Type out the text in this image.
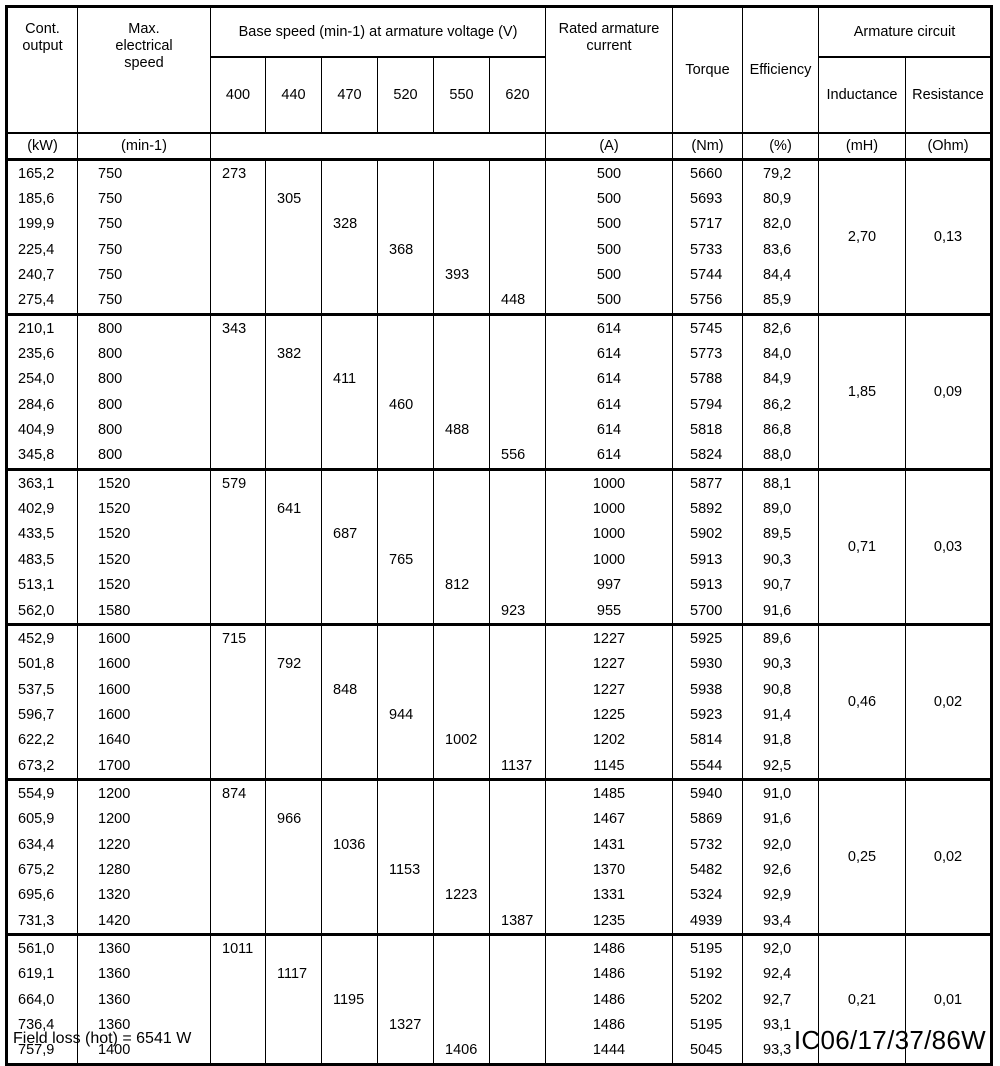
Cont. output	Max. electrical speed	Base speed (min-1) at armature voltage (V)						Rated armature current	Torque	Efficiency	Armature circuit	
		400	440	470	520	550	620				Inductance	Resistance
(kW)	(min-1)							(A)	(Nm)	(%)	(mH)	(Ohm)
165,2	750	273						500	5660	79,2	2,70	0,13
185,6	750		305					500	5693	80,9		
199,9	750			328				500	5717	82,0		
225,4	750				368			500	5733	83,6		
240,7	750					393		500	5744	84,4		
275,4	750						448	500	5756	85,9		
210,1	800	343						614	5745	82,6	1,85	0,09
235,6	800		382					614	5773	84,0		
254,0	800			411				614	5788	84,9		
284,6	800				460			614	5794	86,2		
404,9	800					488		614	5818	86,8		
345,8	800						556	614	5824	88,0		
363,1	1520	579						1000	5877	88,1	0,71	0,03
402,9	1520		641					1000	5892	89,0		
433,5	1520			687				1000	5902	89,5		
483,5	1520				765			1000	5913	90,3		
513,1	1520					812		997	5913	90,7		
562,0	1580						923	955	5700	91,6		
452,9	1600	715						1227	5925	89,6	0,46	0,02
501,8	1600		792					1227	5930	90,3		
537,5	1600			848				1227	5938	90,8		
596,7	1600				944			1225	5923	91,4		
622,2	1640					1002		1202	5814	91,8		
673,2	1700						1137	1145	5544	92,5		
554,9	1200	874						1485	5940	91,0	0,25	0,02
605,9	1200		966					1467	5869	91,6		
634,4	1220			1036				1431	5732	92,0		
675,2	1280				1153			1370	5482	92,6		
695,6	1320					1223		1331	5324	92,9		
731,3	1420						1387	1235	4939	93,4		
561,0	1360	1011						1486	5195	92,0	0,21	0,01
619,1	1360		1117					1486	5192	92,4		
664,0	1360			1195				1486	5202	92,7		
736,4	1360				1327			1486	5195	93,1		
757,9	1400					1406		1444	5045	93,3		
Field loss (hot) = 6541 W	IC06/17/37/86W
